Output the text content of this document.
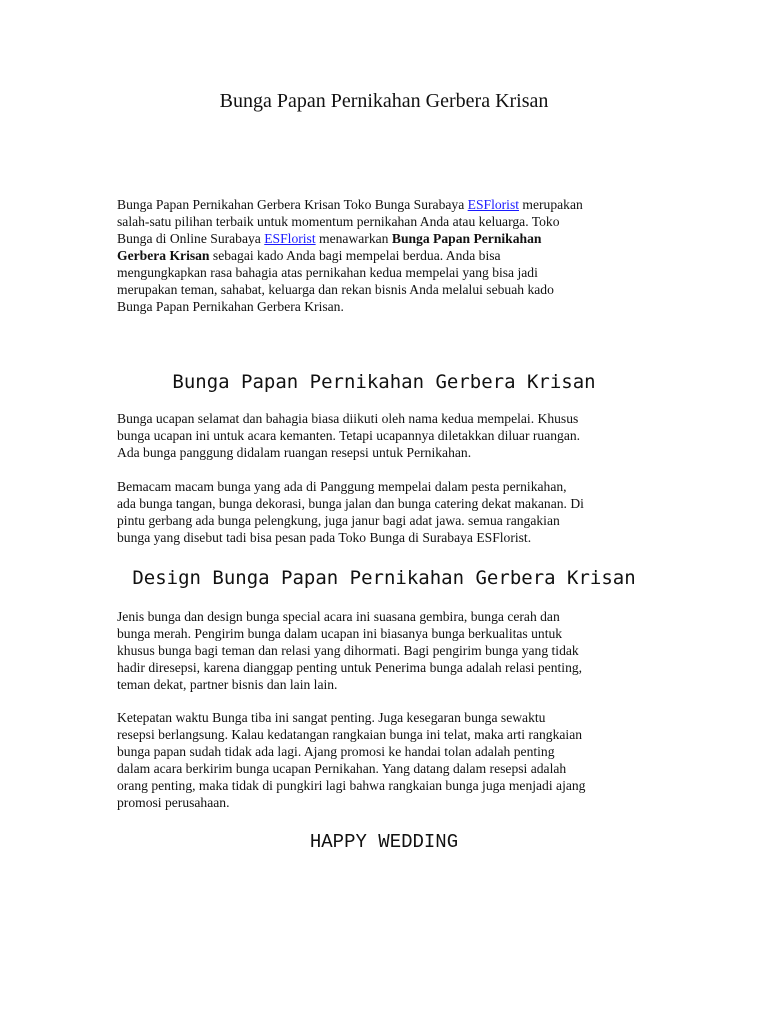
Bunga Papan Pernikahan Gerbera Krisan
Bunga Papan Pernikahan Gerbera Krisan Toko Bunga Surabaya ESFlorist merupakan
salah-satu pilihan terbaik untuk momentum pernikahan Anda atau keluarga. Toko
Bunga di Online Surabaya ESFlorist menawarkan Bunga Papan Pernikahan
Gerbera Krisan sebagai kado Anda bagi mempelai berdua. Anda bisa
mengungkapkan rasa bahagia atas pernikahan kedua mempelai yang bisa jadi
merupakan teman, sahabat, keluarga dan rekan bisnis Anda melalui sebuah kado
Bunga Papan Pernikahan Gerbera Krisan.
Bunga Papan Pernikahan Gerbera Krisan
Bunga ucapan selamat dan bahagia biasa diikuti oleh nama kedua mempelai. Khusus
bunga ucapan ini untuk acara kemanten. Tetapi ucapannya diletakkan diluar ruangan.
Ada bunga panggung didalam ruangan resepsi untuk Pernikahan.
Bemacam macam bunga yang ada di Panggung mempelai dalam pesta pernikahan,
ada bunga tangan, bunga dekorasi, bunga jalan dan bunga catering dekat makanan. Di
pintu gerbang ada bunga pelengkung, juga janur bagi adat jawa. semua rangakian
bunga yang disebut tadi bisa pesan pada Toko Bunga di Surabaya ESFlorist.
Design Bunga Papan Pernikahan Gerbera Krisan
Jenis bunga dan design bunga special acara ini suasana gembira, bunga cerah dan
bunga merah. Pengirim bunga dalam ucapan ini biasanya bunga berkualitas untuk
khusus bunga bagi teman dan relasi yang dihormati. Bagi pengirim bunga yang tidak
hadir diresepsi, karena dianggap penting untuk Penerima bunga adalah relasi penting,
teman dekat, partner bisnis dan lain lain.
Ketepatan waktu Bunga tiba ini sangat penting. Juga kesegaran bunga sewaktu
resepsi berlangsung. Kalau kedatangan rangkaian bunga ini telat, maka arti rangkaian
bunga papan sudah tidak ada lagi. Ajang promosi ke handai tolan adalah penting
dalam acara berkirim bunga ucapan Pernikahan. Yang datang dalam resepsi adalah
orang penting, maka tidak di pungkiri lagi bahwa rangkaian bunga juga menjadi ajang
promosi perusahaan.
HAPPY WEDDING
